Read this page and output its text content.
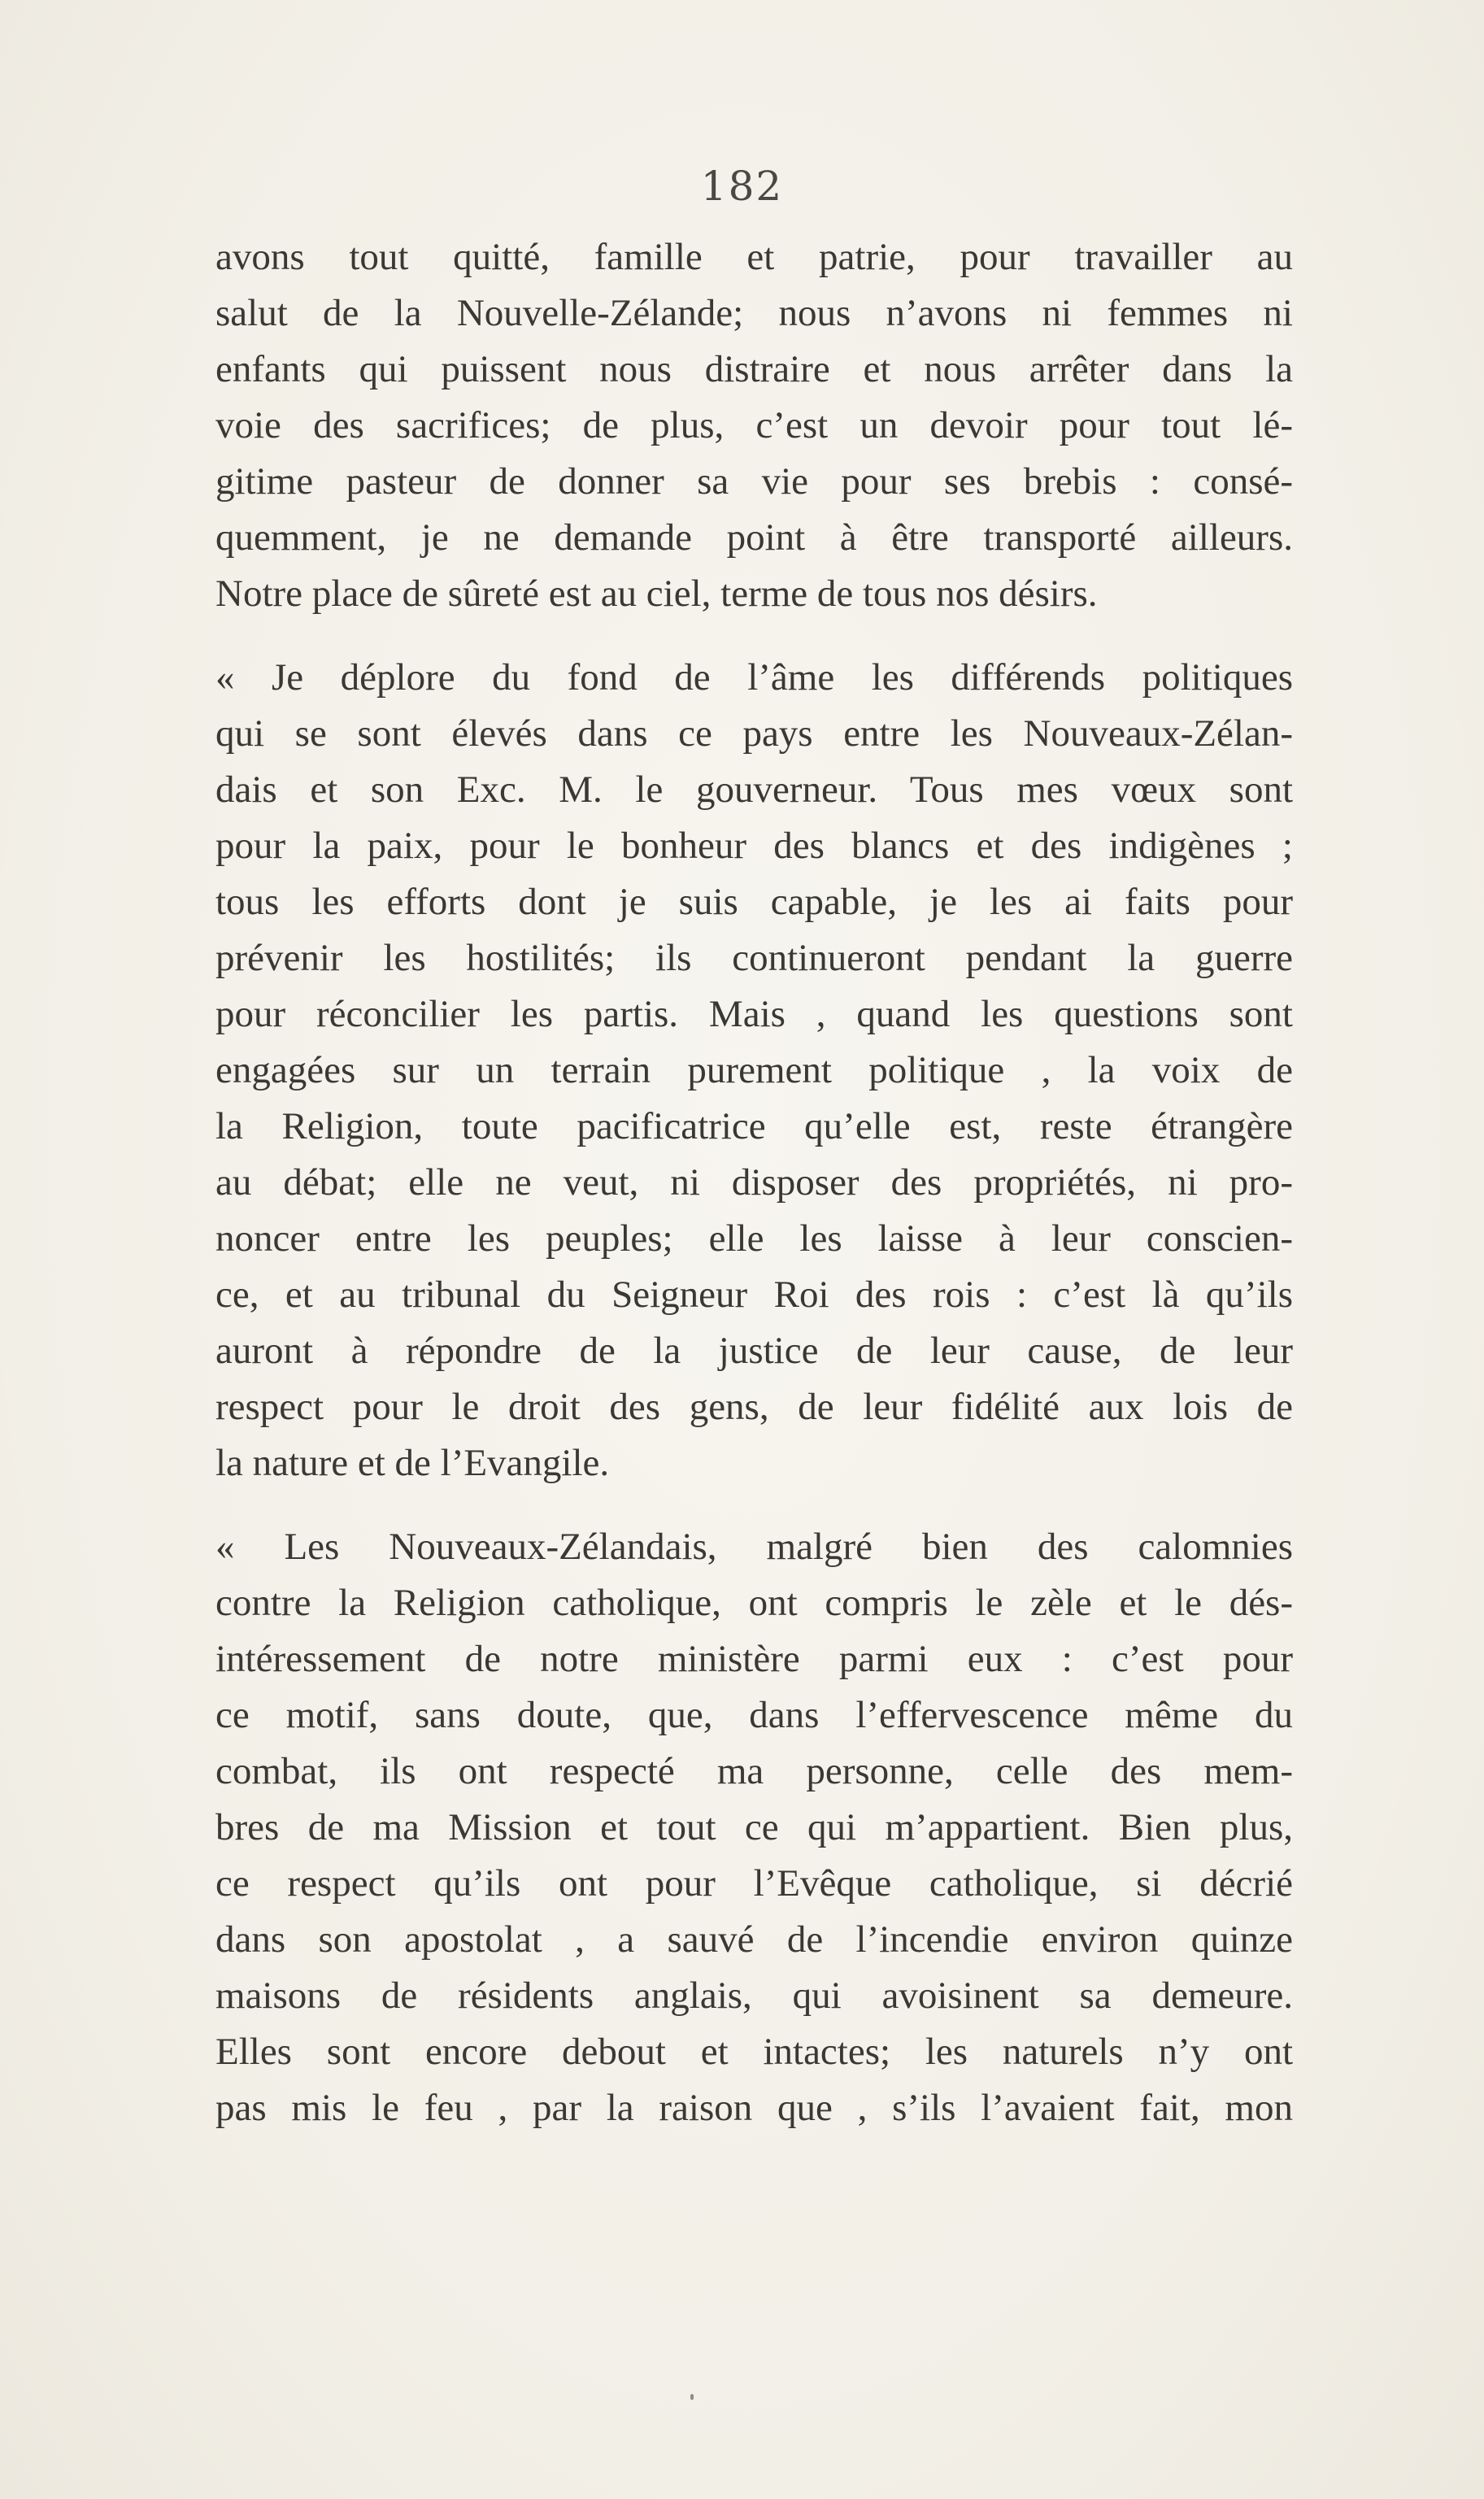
182
avons tout quitté, famille et patrie, pour travailler au
salut de la Nouvelle-Zélande; nous n’avons ni femmes ni
enfants qui puissent nous distraire et nous arrêter dans la
voie des sacrifices; de plus, c’est un devoir pour tout lé-
gitime pasteur de donner sa vie pour ses brebis : consé-
quemment, je ne demande point à être transporté ailleurs.
Notre place de sûreté est au ciel, terme de tous nos désirs.
« Je déplore du fond de l’âme les différends politiques
qui se sont élevés dans ce pays entre les Nouveaux-Zélan-
dais et son Exc. M. le gouverneur. Tous mes vœux sont
pour la paix, pour le bonheur des blancs et des indigènes ;
tous les efforts dont je suis capable, je les ai faits pour
prévenir les hostilités; ils continueront pendant la guerre
pour réconcilier les partis. Mais , quand les questions sont
engagées sur un terrain purement politique , la voix de
la Religion, toute pacificatrice qu’elle est, reste étrangère
au débat; elle ne veut, ni disposer des propriétés, ni pro-
noncer entre les peuples; elle les laisse à leur conscien-
ce, et au tribunal du Seigneur Roi des rois : c’est là qu’ils
auront à répondre de la justice de leur cause, de leur
respect pour le droit des gens, de leur fidélité aux lois de
la nature et de l’Evangile.
« Les Nouveaux-Zélandais, malgré bien des calomnies
contre la Religion catholique, ont compris le zèle et le dés-
intéressement de notre ministère parmi eux : c’est pour
ce motif, sans doute, que, dans l’effervescence même du
combat, ils ont respecté ma personne, celle des mem-
bres de ma Mission et tout ce qui m’appartient. Bien plus,
ce respect qu’ils ont pour l’Evêque catholique, si décrié
dans son apostolat , a sauvé de l’incendie environ quinze
maisons de résidents anglais, qui avoisinent sa demeure.
Elles sont encore debout et intactes; les naturels n’y ont
pas mis le feu , par la raison que , s’ils l’avaient fait, mon
